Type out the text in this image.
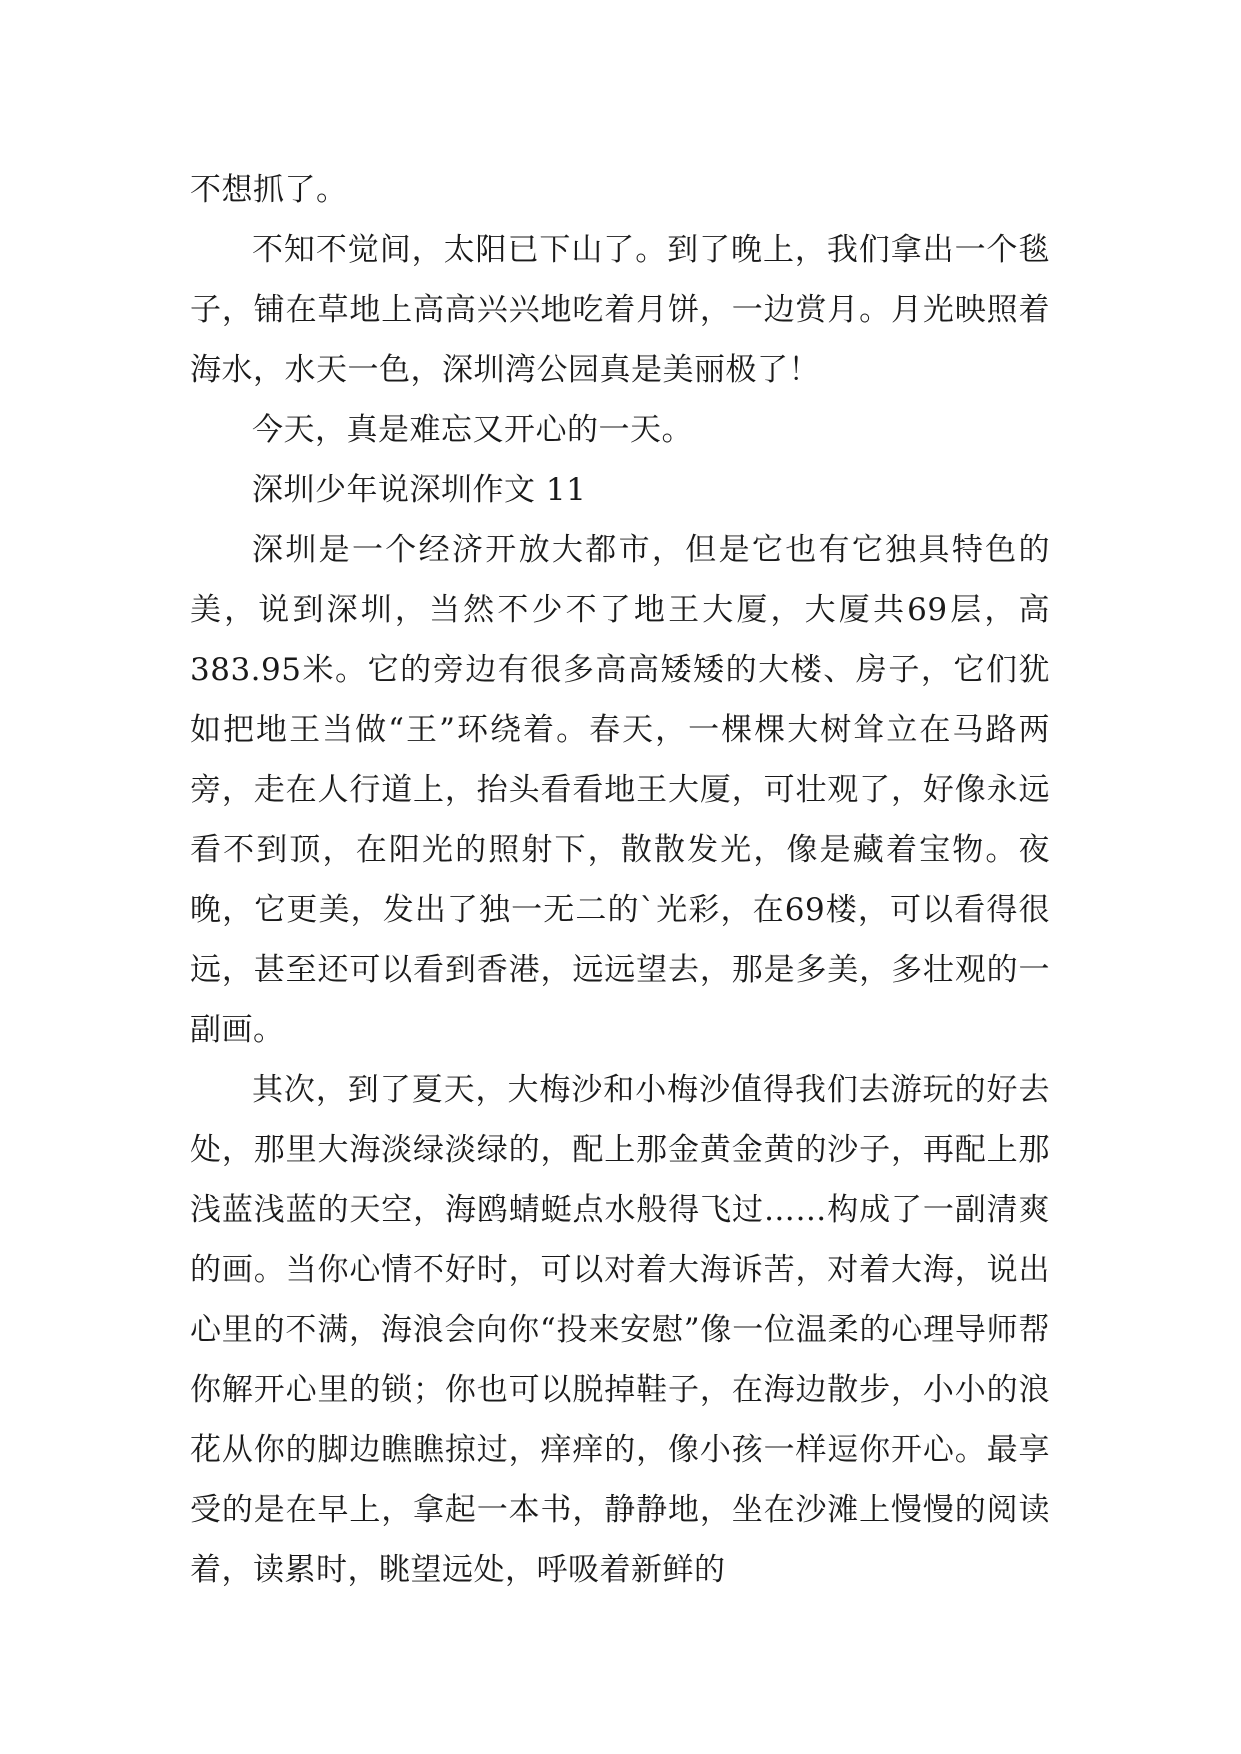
不想抓了。

不知不觉间，太阳已下山了。到了晚上，我们拿出一个毯子，铺在草地上高高兴兴地吃着月饼，一边赏月。月光映照着海水，水天一色，深圳湾公园真是美丽极了！

今天，真是难忘又开心的一天。

深圳少年说深圳作文 11

深圳是一个经济开放大都市，但是它也有它独具特色的美，说到深圳，当然不少不了地王大厦，大厦共69层，高383.95米。它的旁边有很多高高矮矮的大楼、房子，它们犹如把地王当做“王”环绕着。春天，一棵棵大树耸立在马路两旁，走在人行道上，抬头看看地王大厦，可壮观了，好像永远看不到顶，在阳光的照射下，散散发光，像是藏着宝物。夜晚，它更美，发出了独一无二的`光彩，在69楼，可以看得很远，甚至还可以看到香港，远远望去，那是多美，多壮观的一副画。

其次，到了夏天，大梅沙和小梅沙值得我们去游玩的好去处，那里大海淡绿淡绿的，配上那金黄金黄的沙子，再配上那浅蓝浅蓝的天空，海鸥蜻蜓点水般得飞过……构成了一副清爽的画。当你心情不好时，可以对着大海诉苦，对着大海，说出心里的不满，海浪会向你“投来安慰”像一位温柔的心理导师帮你解开心里的锁；你也可以脱掉鞋子，在海边散步，小小的浪花从你的脚边瞧瞧掠过，痒痒的，像小孩一样逗你开心。最享受的是在早上，拿起一本书，静静地，坐在沙滩上慢慢的阅读着，读累时，眺望远处，呼吸着新鲜的
